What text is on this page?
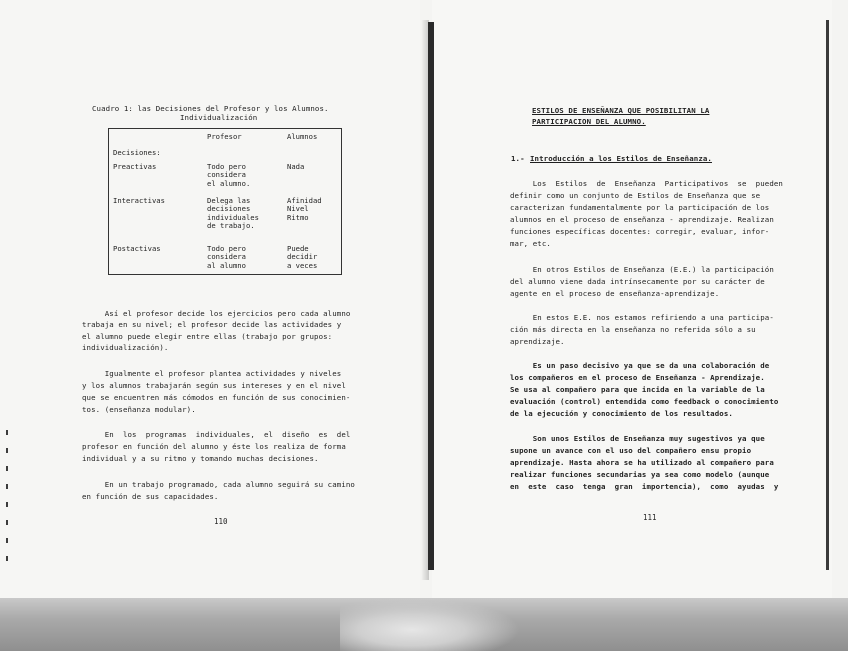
Cuadro 1: las Decisiones del Profesor y los Alumnos.
Individualización
	Profesor	Alumnos
Decisiones:		
Preactivas	Todo pero
considera
el alumno.	Nada
Interactivas	Delega las
decisiones
individuales
de trabajo.	Afinidad
Nivel
Ritmo
Postactivas	Todo pero
considera
al alumno	Puede
decidir
a veces
Así el profesor decide los ejercicios pero cada alumno
trabaja en su nivel; el profesor decide las actividades y
el alumno puede elegir entre ellas (trabajo por grupos:
individualización).
Igualmente el profesor plantea actividades y niveles
y los alumnos trabajarán según sus intereses y en el nivel
que se encuentren más cómodos en función de sus conocimien-
tos. (enseñanza modular).
En  los  programas  individuales,  el  diseño  es  del
profesor en función del alumno y éste los realiza de forma
individual y a su ritmo y tomando muchas decisiones.
En un trabajo programado, cada alumno seguirá su camino
en función de sus capacidades.
110
ESTILOS DE ENSEÑANZA QUE POSIBILITAN LA
PARTICIPACION DEL ALUMNO.
1.- Introducción a los Estilos de Enseñanza.
Los  Estilos  de  Enseñanza  Participativos  se  pueden
definir como un conjunto de Estilos de Enseñanza que se
caracterizan fundamentalmente por la participación de los
alumnos en el proceso de enseñanza - aprendizaje. Realizan
funciones específicas docentes: corregir, evaluar, infor-
mar, etc.
En otros Estilos de Enseñanza (E.E.) la participación
del alumno viene dada intrínsecamente por su carácter de
agente en el proceso de enseñanza-aprendizaje.
En estos E.E. nos estamos refiriendo a una participa-
ción más directa en la enseñanza no referida sólo a su
aprendizaje.
Es un paso decisivo ya que se da una colaboración de
los compañeros en el proceso de Enseñanza - Aprendizaje.
Se usa al compañero para que incida en la variable de la
evaluación (control) entendida como feedback o conocimiento
de la ejecución y conocimiento de los resultados.
Son unos Estilos de Enseñanza muy sugestivos ya que
supone un avance con el uso del compañero ensu propio
aprendizaje. Hasta ahora se ha utilizado al compañero para
realizar funciones secundarias ya sea como modelo (aunque
en  este  caso  tenga  gran  importencia),  como  ayudas  y
111
